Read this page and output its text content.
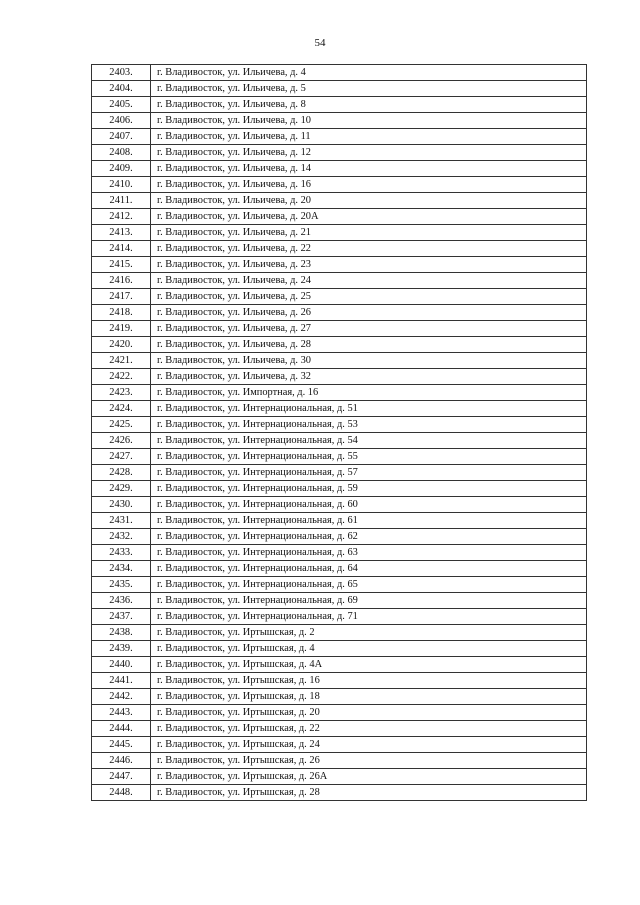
54
2403.	г. Владивосток, ул. Ильичева, д. 4
2404.	г. Владивосток, ул. Ильичева, д. 5
2405.	г. Владивосток, ул. Ильичева, д. 8
2406.	г. Владивосток, ул. Ильичева, д. 10
2407.	г. Владивосток, ул. Ильичева, д. 11
2408.	г. Владивосток, ул. Ильичева, д. 12
2409.	г. Владивосток, ул. Ильичева, д. 14
2410.	г. Владивосток, ул. Ильичева, д. 16
2411.	г. Владивосток, ул. Ильичева, д. 20
2412.	г. Владивосток, ул. Ильичева, д. 20А
2413.	г. Владивосток, ул. Ильичева, д. 21
2414.	г. Владивосток, ул. Ильичева, д. 22
2415.	г. Владивосток, ул. Ильичева, д. 23
2416.	г. Владивосток, ул. Ильичева, д. 24
2417.	г. Владивосток, ул. Ильичева, д. 25
2418.	г. Владивосток, ул. Ильичева, д. 26
2419.	г. Владивосток, ул. Ильичева, д. 27
2420.	г. Владивосток, ул. Ильичева, д. 28
2421.	г. Владивосток, ул. Ильичева, д. 30
2422.	г. Владивосток, ул. Ильичева, д. 32
2423.	г. Владивосток, ул. Импортная, д. 16
2424.	г. Владивосток, ул. Интернациональная, д. 51
2425.	г. Владивосток, ул. Интернациональная, д. 53
2426.	г. Владивосток, ул. Интернациональная, д. 54
2427.	г. Владивосток, ул. Интернациональная, д. 55
2428.	г. Владивосток, ул. Интернациональная, д. 57
2429.	г. Владивосток, ул. Интернациональная, д. 59
2430.	г. Владивосток, ул. Интернациональная, д. 60
2431.	г. Владивосток, ул. Интернациональная, д. 61
2432.	г. Владивосток, ул. Интернациональная, д. 62
2433.	г. Владивосток, ул. Интернациональная, д. 63
2434.	г. Владивосток, ул. Интернациональная, д. 64
2435.	г. Владивосток, ул. Интернациональная, д. 65
2436.	г. Владивосток, ул. Интернациональная, д. 69
2437.	г. Владивосток, ул. Интернациональная, д. 71
2438.	г. Владивосток, ул. Иртышская, д. 2
2439.	г. Владивосток, ул. Иртышская, д. 4
2440.	г. Владивосток, ул. Иртышская, д. 4А
2441.	г. Владивосток, ул. Иртышская, д. 16
2442.	г. Владивосток, ул. Иртышская, д. 18
2443.	г. Владивосток, ул. Иртышская, д. 20
2444.	г. Владивосток, ул. Иртышская, д. 22
2445.	г. Владивосток, ул. Иртышская, д. 24
2446.	г. Владивосток, ул. Иртышская, д. 26
2447.	г. Владивосток, ул. Иртышская, д. 26А
2448.	г. Владивосток, ул. Иртышская, д. 28
